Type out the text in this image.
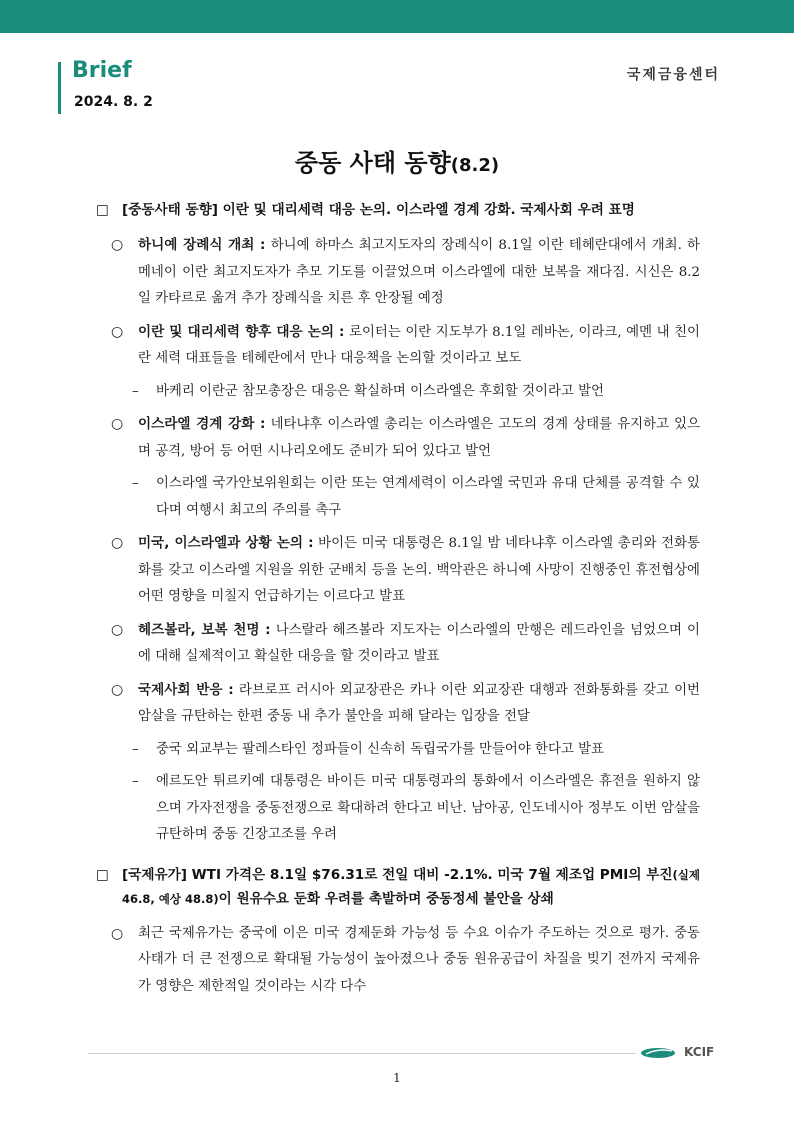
Brief
2024. 8. 2
국제금융센터
중동 사태 동향(8.2)
□ [중동사태 동향] 이란 및 대리세력 대응 논의. 이스라엘 경계 강화. 국제사회 우려 표명
○ 하니예 장례식 개최 : 하니예 하마스 최고지도자의 장례식이 8.1일 이란 테헤란대에서 개최. 하메네이 이란 최고지도자가 추모 기도를 이끌었으며 이스라엘에 대한 보복을 재다짐. 시신은 8.2일 카타르로 옮겨 추가 장례식을 치른 후 안장될 예정
○ 이란 및 대리세력 향후 대응 논의 : 로이터는 이란 지도부가 8.1일 레바논, 이라크, 예멘 내 친이란 세력 대표들을 테헤란에서 만나 대응책을 논의할 것이라고 보도
– 바케리 이란군 참모총장은 대응은 확실하며 이스라엘은 후회할 것이라고 발언
○ 이스라엘 경계 강화 : 네타냐후 이스라엘 총리는 이스라엘은 고도의 경계 상태를 유지하고 있으며 공격, 방어 등 어떤 시나리오에도 준비가 되어 있다고 발언
– 이스라엘 국가안보위원회는 이란 또는 연계세력이 이스라엘 국민과 유대 단체를 공격할 수 있다며 여행시 최고의 주의를 촉구
○ 미국, 이스라엘과 상황 논의 : 바이든 미국 대통령은 8.1일 밤 네타냐후 이스라엘 총리와 전화통화를 갖고 이스라엘 지원을 위한 군배치 등을 논의. 백악관은 하니예 사망이 진행중인 휴전협상에 어떤 영향을 미칠지 언급하기는 이르다고 발표
○ 헤즈볼라, 보복 천명 : 나스랄라 헤즈볼라 지도자는 이스라엘의 만행은 레드라인을 넘었으며 이에 대해 실제적이고 확실한 대응을 할 것이라고 발표
○ 국제사회 반응 : 라브로프 러시아 외교장관은 카나 이란 외교장관 대행과 전화통화를 갖고 이번 암살을 규탄하는 한편 중동 내 추가 불안을 피해 달라는 입장을 전달
– 중국 외교부는 팔레스타인 정파들이 신속히 독립국가를 만들어야 한다고 발표
– 에르도안 튀르키예 대통령은 바이든 미국 대통령과의 통화에서 이스라엘은 휴전을 원하지 않으며 가자전쟁을 중동전쟁으로 확대하려 한다고 비난. 남아공, 인도네시아 정부도 이번 암살을 규탄하며 중동 긴장고조를 우려
□ [국제유가] WTI 가격은 8.1일 $76.31로 전일 대비 -2.1%. 미국 7월 제조업 PMI의 부진(실제 46.8, 예상 48.8)이 원유수요 둔화 우려를 촉발하며 중동정세 불안을 상쇄
○ 최근 국제유가는 중국에 이은 미국 경제둔화 가능성 등 수요 이슈가 주도하는 것으로 평가. 중동 사태가 더 큰 전쟁으로 확대될 가능성이 높아졌으나 중동 원유공급이 차질을 빚기 전까지 국제유가 영향은 제한적일 것이라는 시각 다수
KCIF
1
